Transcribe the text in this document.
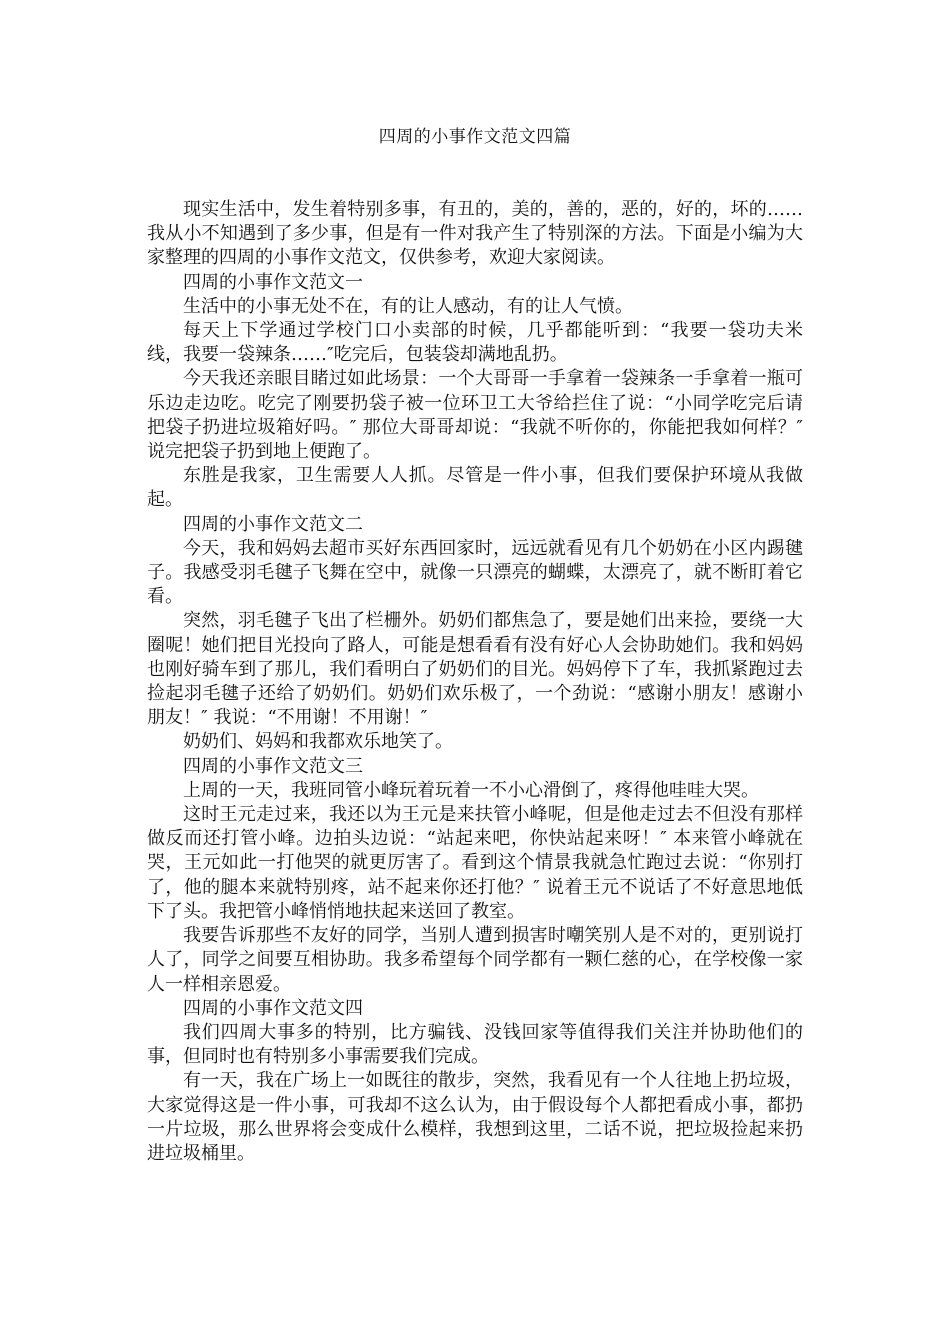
四周的小事作文范文四篇

现实生活中，发生着特别多事，有丑的，美的，善的，恶的，好的，坏的……我从小不知遇到了多少事，但是有一件对我产生了特别深的方法。下面是小编为大家整理的四周的小事作文范文，仅供参考，欢迎大家阅读。

四周的小事作文范文一

生活中的小事无处不在，有的让人感动，有的让人气愤。

每天上下学通过学校门口小卖部的时候，几乎都能听到：“我要一袋功夫米线，我要一袋辣条……″吃完后，包装袋却满地乱扔。

今天我还亲眼目睹过如此场景：一个大哥哥一手拿着一袋辣条一手拿着一瓶可乐边走边吃。吃完了刚要扔袋子被一位环卫工大爷给拦住了说：“小同学吃完后请把袋子扔进垃圾箱好吗。″ 那位大哥哥却说：“我就不听你的，你能把我如何样？″ 说完把袋子扔到地上便跑了。

东胜是我家，卫生需要人人抓。尽管是一件小事，但我们要保护环境从我做起。

四周的小事作文范文二

今天，我和妈妈去超市买好东西回家时，远远就看见有几个奶奶在小区内踢毽子。我感受羽毛毽子飞舞在空中，就像一只漂亮的蝴蝶，太漂亮了，就不断盯着它看。

突然，羽毛毽子飞出了栏栅外。奶奶们都焦急了，要是她们出来捡，要绕一大圈呢！她们把目光投向了路人，可能是想看看有没有好心人会协助她们。我和妈妈也刚好骑车到了那儿，我们看明白了奶奶们的目光。妈妈停下了车，我抓紧跑过去捡起羽毛毽子还给了奶奶们。奶奶们欢乐极了，一个劲说：“感谢小朋友！感谢小朋友！″ 我说：“不用谢！不用谢！″

奶奶们、妈妈和我都欢乐地笑了。

四周的小事作文范文三

上周的一天，我班同管小峰玩着玩着一不小心滑倒了，疼得他哇哇大哭。

这时王元走过来，我还以为王元是来扶管小峰呢，但是他走过去不但没有那样做反而还打管小峰。边拍头边说：“站起来吧，你快站起来呀！″ 本来管小峰就在哭，王元如此一打他哭的就更厉害了。看到这个情景我就急忙跑过去说：“你别打了，他的腿本来就特别疼，站不起来你还打他？″ 说着王元不说话了不好意思地低下了头。我把管小峰悄悄地扶起来送回了教室。

我要告诉那些不友好的同学，当别人遭到损害时嘲笑别人是不对的，更别说打人了，同学之间要互相协助。我多希望每个同学都有一颗仁慈的心，在学校像一家人一样相亲恩爱。

四周的小事作文范文四

我们四周大事多的特别，比方骗钱、没钱回家等值得我们关注并协助他们的事，但同时也有特别多小事需要我们完成。

有一天，我在广场上一如既往的散步，突然，我看见有一个人往地上扔垃圾，大家觉得这是一件小事，可我却不这么认为，由于假设每个人都把看成小事，都扔一片垃圾，那么世界将会变成什么模样，我想到这里，二话不说，把垃圾捡起来扔进垃圾桶里。
